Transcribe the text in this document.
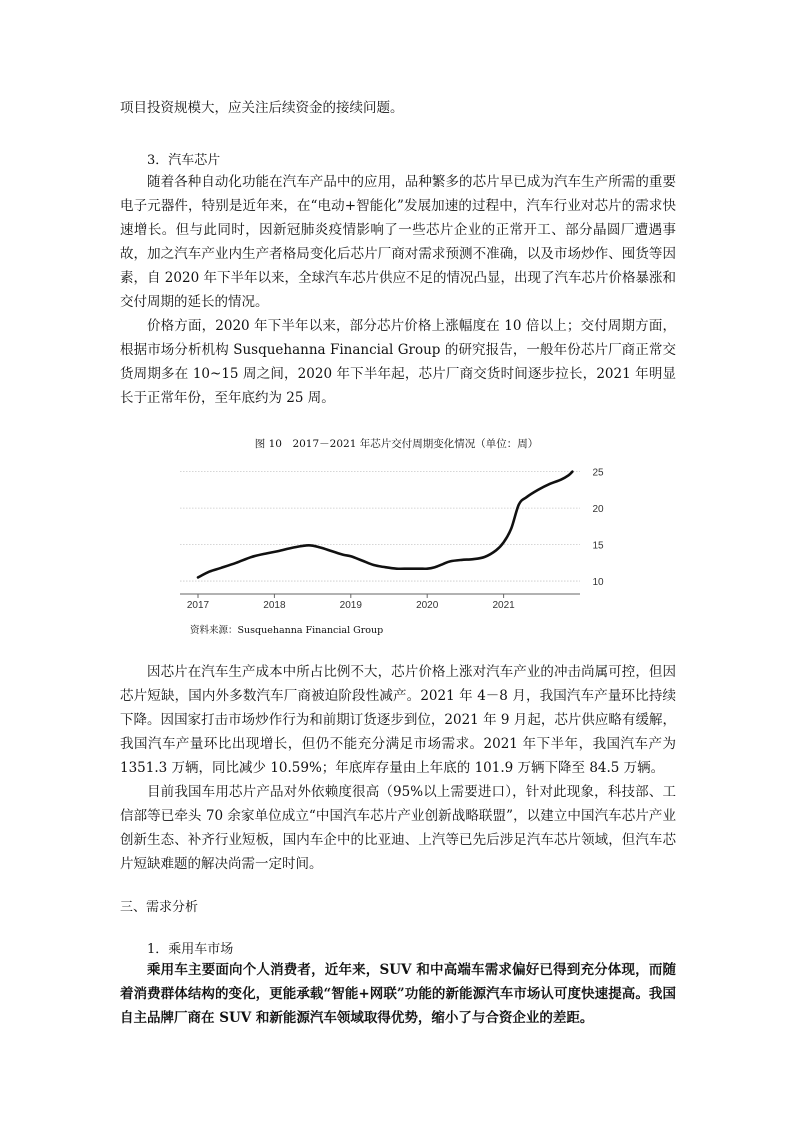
项目投资规模大，应关注后续资金的接续问题。

3．汽车芯片

随着各种自动化功能在汽车产品中的应用，品种繁多的芯片早已成为汽车生产所需的重要电子元器件，特别是近年来，在“电动+智能化”发展加速的过程中，汽车行业对芯片的需求快速增长。但与此同时，因新冠肺炎疫情影响了一些芯片企业的正常开工、部分晶圆厂遭遇事故，加之汽车产业内生产者格局变化后芯片厂商对需求预测不准确，以及市场炒作、囤货等因素，自 2020 年下半年以来，全球汽车芯片供应不足的情况凸显，出现了汽车芯片价格暴涨和交付周期的延长的情况。

价格方面，2020 年下半年以来，部分芯片价格上涨幅度在 10 倍以上；交付周期方面，根据市场分析机构 Susquehanna Financial Group 的研究报告，一般年份芯片厂商正常交货周期多在 10~15 周之间，2020 年下半年起，芯片厂商交货时间逐步拉长，2021 年明显长于正常年份，至年底约为 25 周。

图 10　2017－2021 年芯片交付周期变化情况（单位：周）

10
15
20
25
2017	2018	2019	2020	2021

资料来源：Susquehanna Financial Group

因芯片在汽车生产成本中所占比例不大，芯片价格上涨对汽车产业的冲击尚属可控，但因芯片短缺，国内外多数汽车厂商被迫阶段性减产。2021 年 4－8 月，我国汽车产量环比持续下降。因国家打击市场炒作行为和前期订货逐步到位，2021 年 9 月起，芯片供应略有缓解，我国汽车产量环比出现增长，但仍不能充分满足市场需求。2021 年下半年，我国汽车产为 1351.3 万辆，同比减少 10.59%；年底库存量由上年底的 101.9 万辆下降至 84.5 万辆。

目前我国车用芯片产品对外依赖度很高（95%以上需要进口），针对此现象，科技部、工信部等已牵头 70 余家单位成立“中国汽车芯片产业创新战略联盟”，以建立中国汽车芯片产业创新生态、补齐行业短板，国内车企中的比亚迪、上汽等已先后涉足汽车芯片领域，但汽车芯片短缺难题的解决尚需一定时间。

三、需求分析

1．乘用车市场

乘用车主要面向个人消费者，近年来，SUV 和中高端车需求偏好已得到充分体现，而随着消费群体结构的变化，更能承载“智能+网联”功能的新能源汽车市场认可度快速提高。我国自主品牌厂商在 SUV 和新能源汽车领域取得优势，缩小了与合资企业的差距。
